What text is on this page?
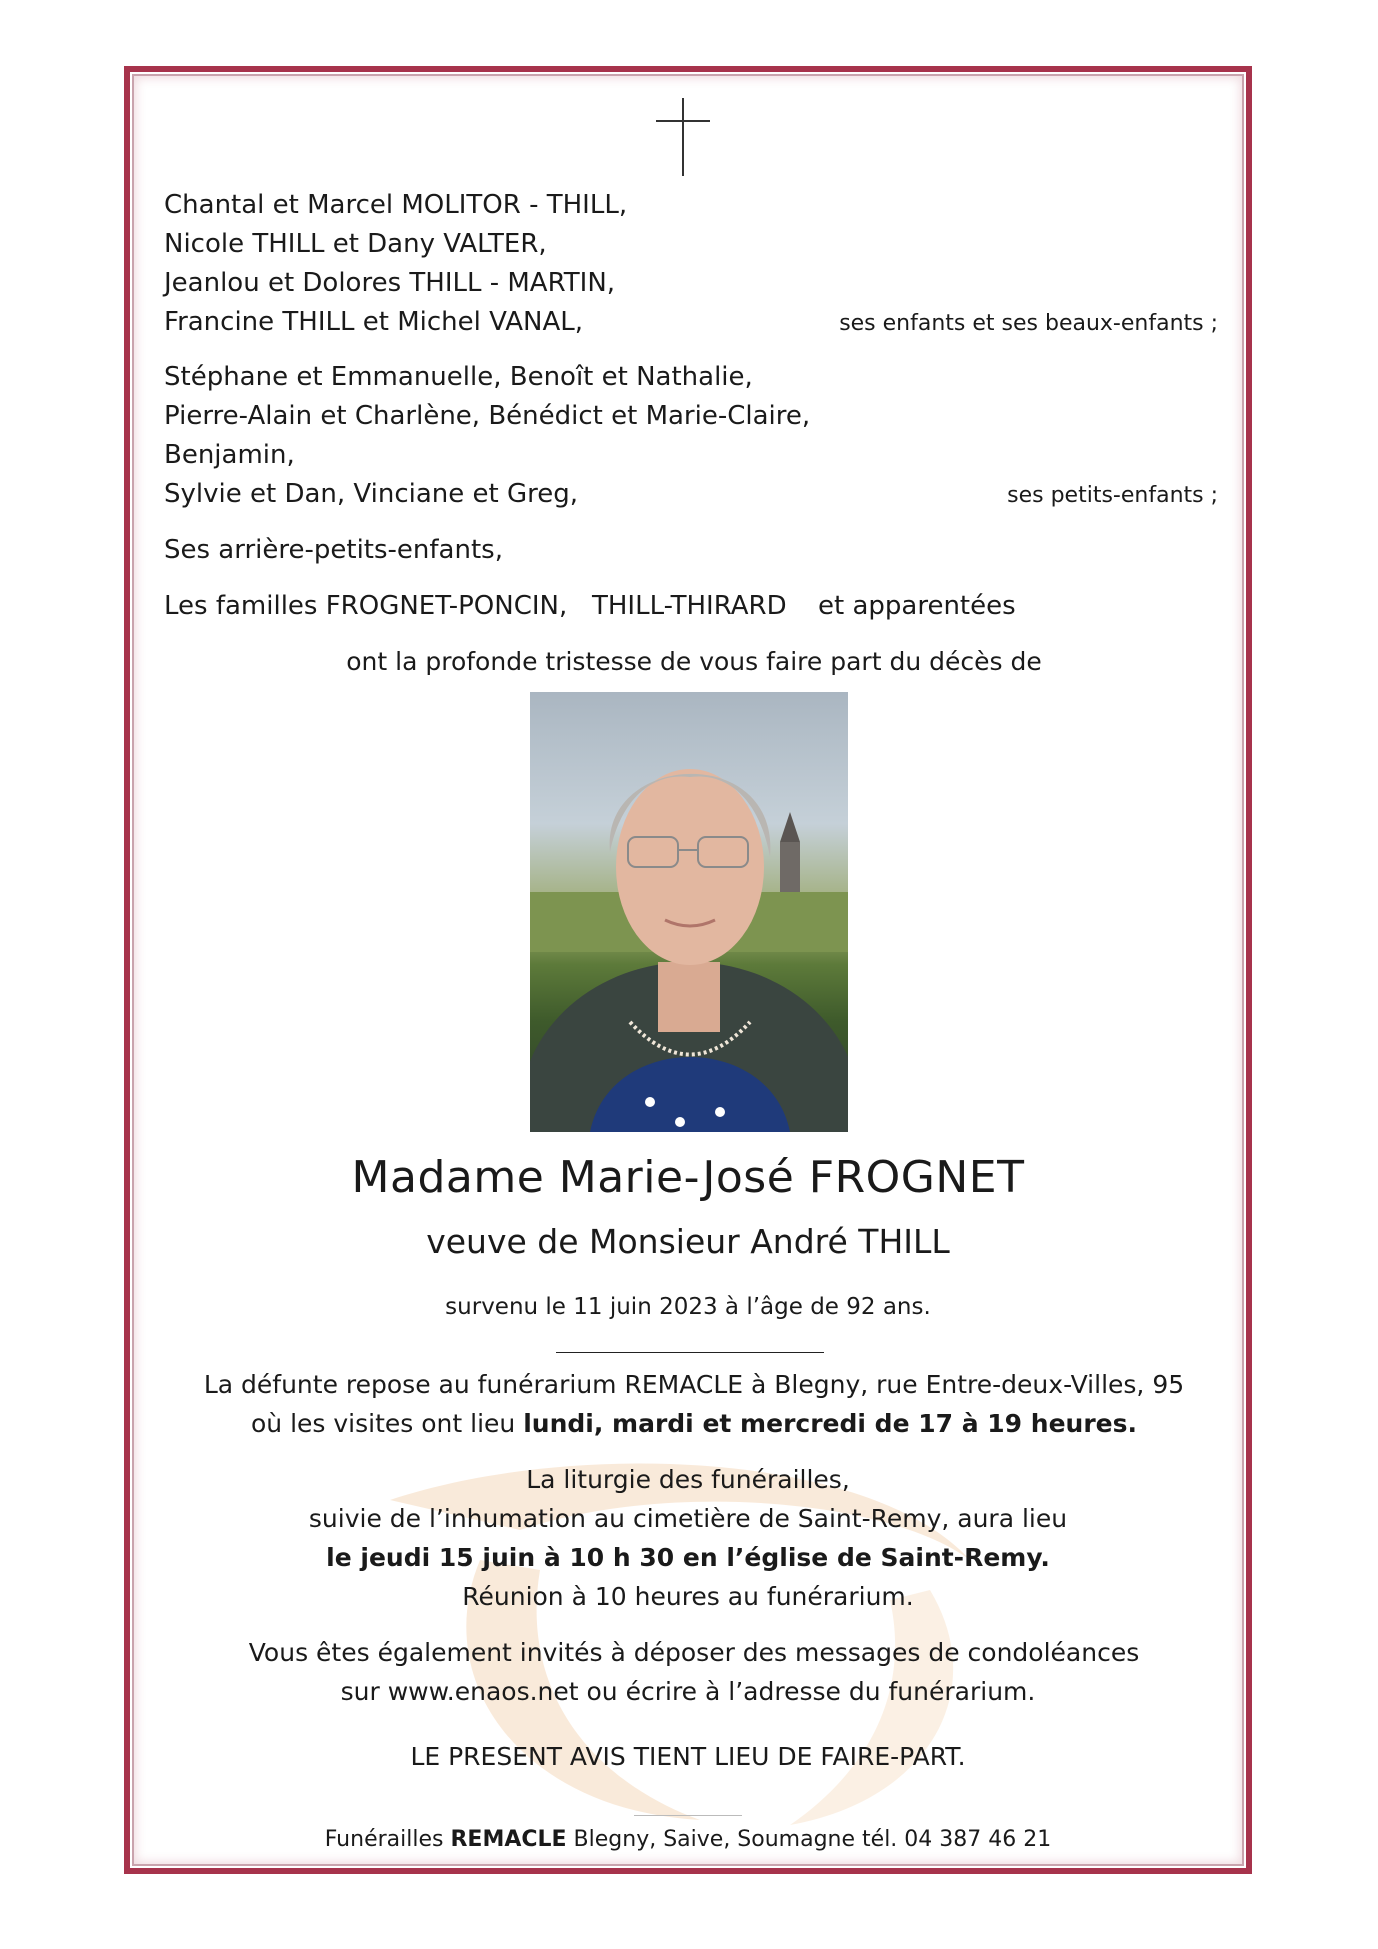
Chantal et Marcel MOLITOR - THILL,
Nicole THILL et Dany VALTER,
Jeanlou et Dolores THILL - MARTIN,
Francine THILL et Michel VANAL,	ses enfants et ses beaux-enfants ;
Stéphane et Emmanuelle, Benoît et Nathalie,
Pierre-Alain et Charlène, Bénédict et Marie-Claire,
Benjamin,
Sylvie et Dan, Vinciane et Greg,	ses petits-enfants ;
Ses arrière-petits-enfants,
Les familles FROGNET-PONCIN, THILL-THIRARD et apparentées
ont la profonde tristesse de vous faire part du décès de
Madame Marie-José FROGNET
veuve de Monsieur André THILL
survenu le 11 juin 2023 à l’âge de 92 ans.
La défunte repose au funérarium REMACLE à Blegny, rue Entre-deux-Villes, 95
où les visites ont lieu lundi, mardi et mercredi de 17 à 19 heures.
La liturgie des funérailles,
suivie de l’inhumation au cimetière de Saint-Remy, aura lieu
le jeudi 15 juin à 10 h 30 en l’église de Saint-Remy.
Réunion à 10 heures au funérarium.
Vous êtes également invités à déposer des messages de condoléances
sur www.enaos.net ou écrire à l’adresse du funérarium.
LE PRESENT AVIS TIENT LIEU DE FAIRE-PART.
Funérailles REMACLE Blegny, Saive, Soumagne tél. 04 387 46 21
